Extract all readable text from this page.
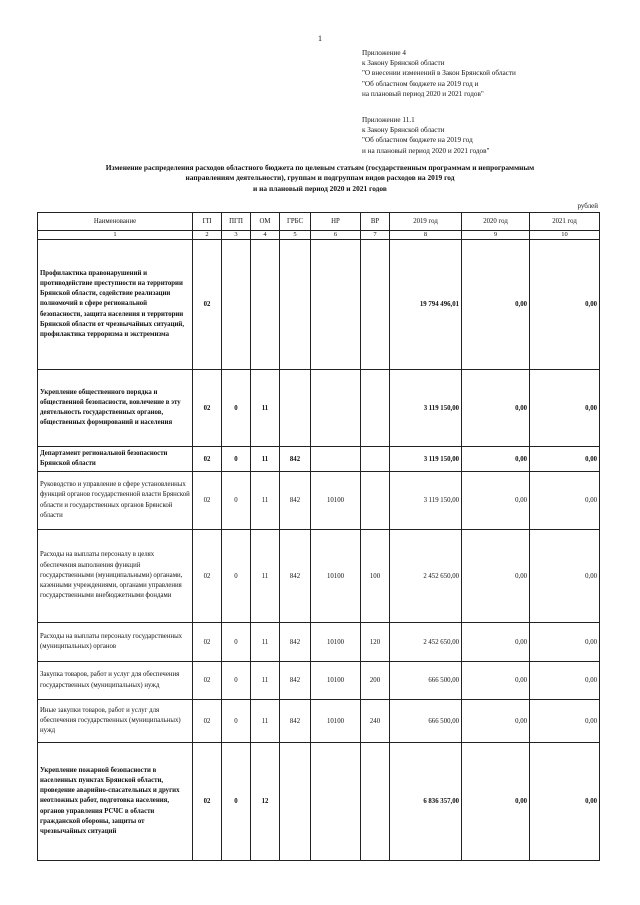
1
Приложение 4
к Закону Брянской области
"О внесении изменений в Закон Брянской области
"Об областном бюджете на 2019 год и
на плановый период 2020 и 2021 годов"
Приложение 11.1
к Закону Брянской области
"Об областном бюджете на 2019 год
и на плановый период 2020 и 2021 годов"
Изменение распределения расходов областного бюджета по целевым статьям (государственным программам и непрограммным
направлениям деятельности), группам и подгруппам видов расходов на 2019 год
и на плановый период 2020 и 2021 годов
рублей
Наименование	ГП	ПГП	ОМ	ГРБС	НР	ВР	2019 год	2020 год	2021 год
1	2	3	4	5	6	7	8	9	10
Профилактика правонарушений и противодействие преступности на территории Брянской области, содействие реализации полномочий в сфере региональной безопасности, защита населения и территории Брянской области от чрезвычайных ситуаций, профилактика терроризма и экстремизма	02						19 794 496,01	0,00	0,00
Укрепление общественного порядка и общественной безопасности, вовлечение в эту деятельность государственных органов, общественных формирований и населения	02	0	11				3 119 150,00	0,00	0,00
Департамент региональной безопасности Брянской области	02	0	11	842			3 119 150,00	0,00	0,00
Руководство и управление в сфере установленных функций органов государственной власти Брянской области и государственных органов Брянской области	02	0	11	842	10100		3 119 150,00	0,00	0,00
Расходы на выплаты персоналу в целях обеспечения выполнения функций государственными (муниципальными) органами, казенными учреждениями, органами управления государственными внебюджетными фондами	02	0	11	842	10100	100	2 452 650,00	0,00	0,00
Расходы на выплаты персоналу государственных (муниципальных) органов	02	0	11	842	10100	120	2 452 650,00	0,00	0,00
Закупка товаров, работ и услуг для обеспечения государственных (муниципальных) нужд	02	0	11	842	10100	200	666 500,00	0,00	0,00
Иные закупки товаров, работ и услуг для обеспечения государственных (муниципальных) нужд	02	0	11	842	10100	240	666 500,00	0,00	0,00
Укрепление пожарной безопасности в населенных пунктах Брянской области, проведение аварийно-спасательных и других неотложных работ, подготовка населения, органов управления РСЧС в области гражданской обороны, защиты от чрезвычайных ситуаций	02	0	12				6 836 357,00	0,00	0,00
